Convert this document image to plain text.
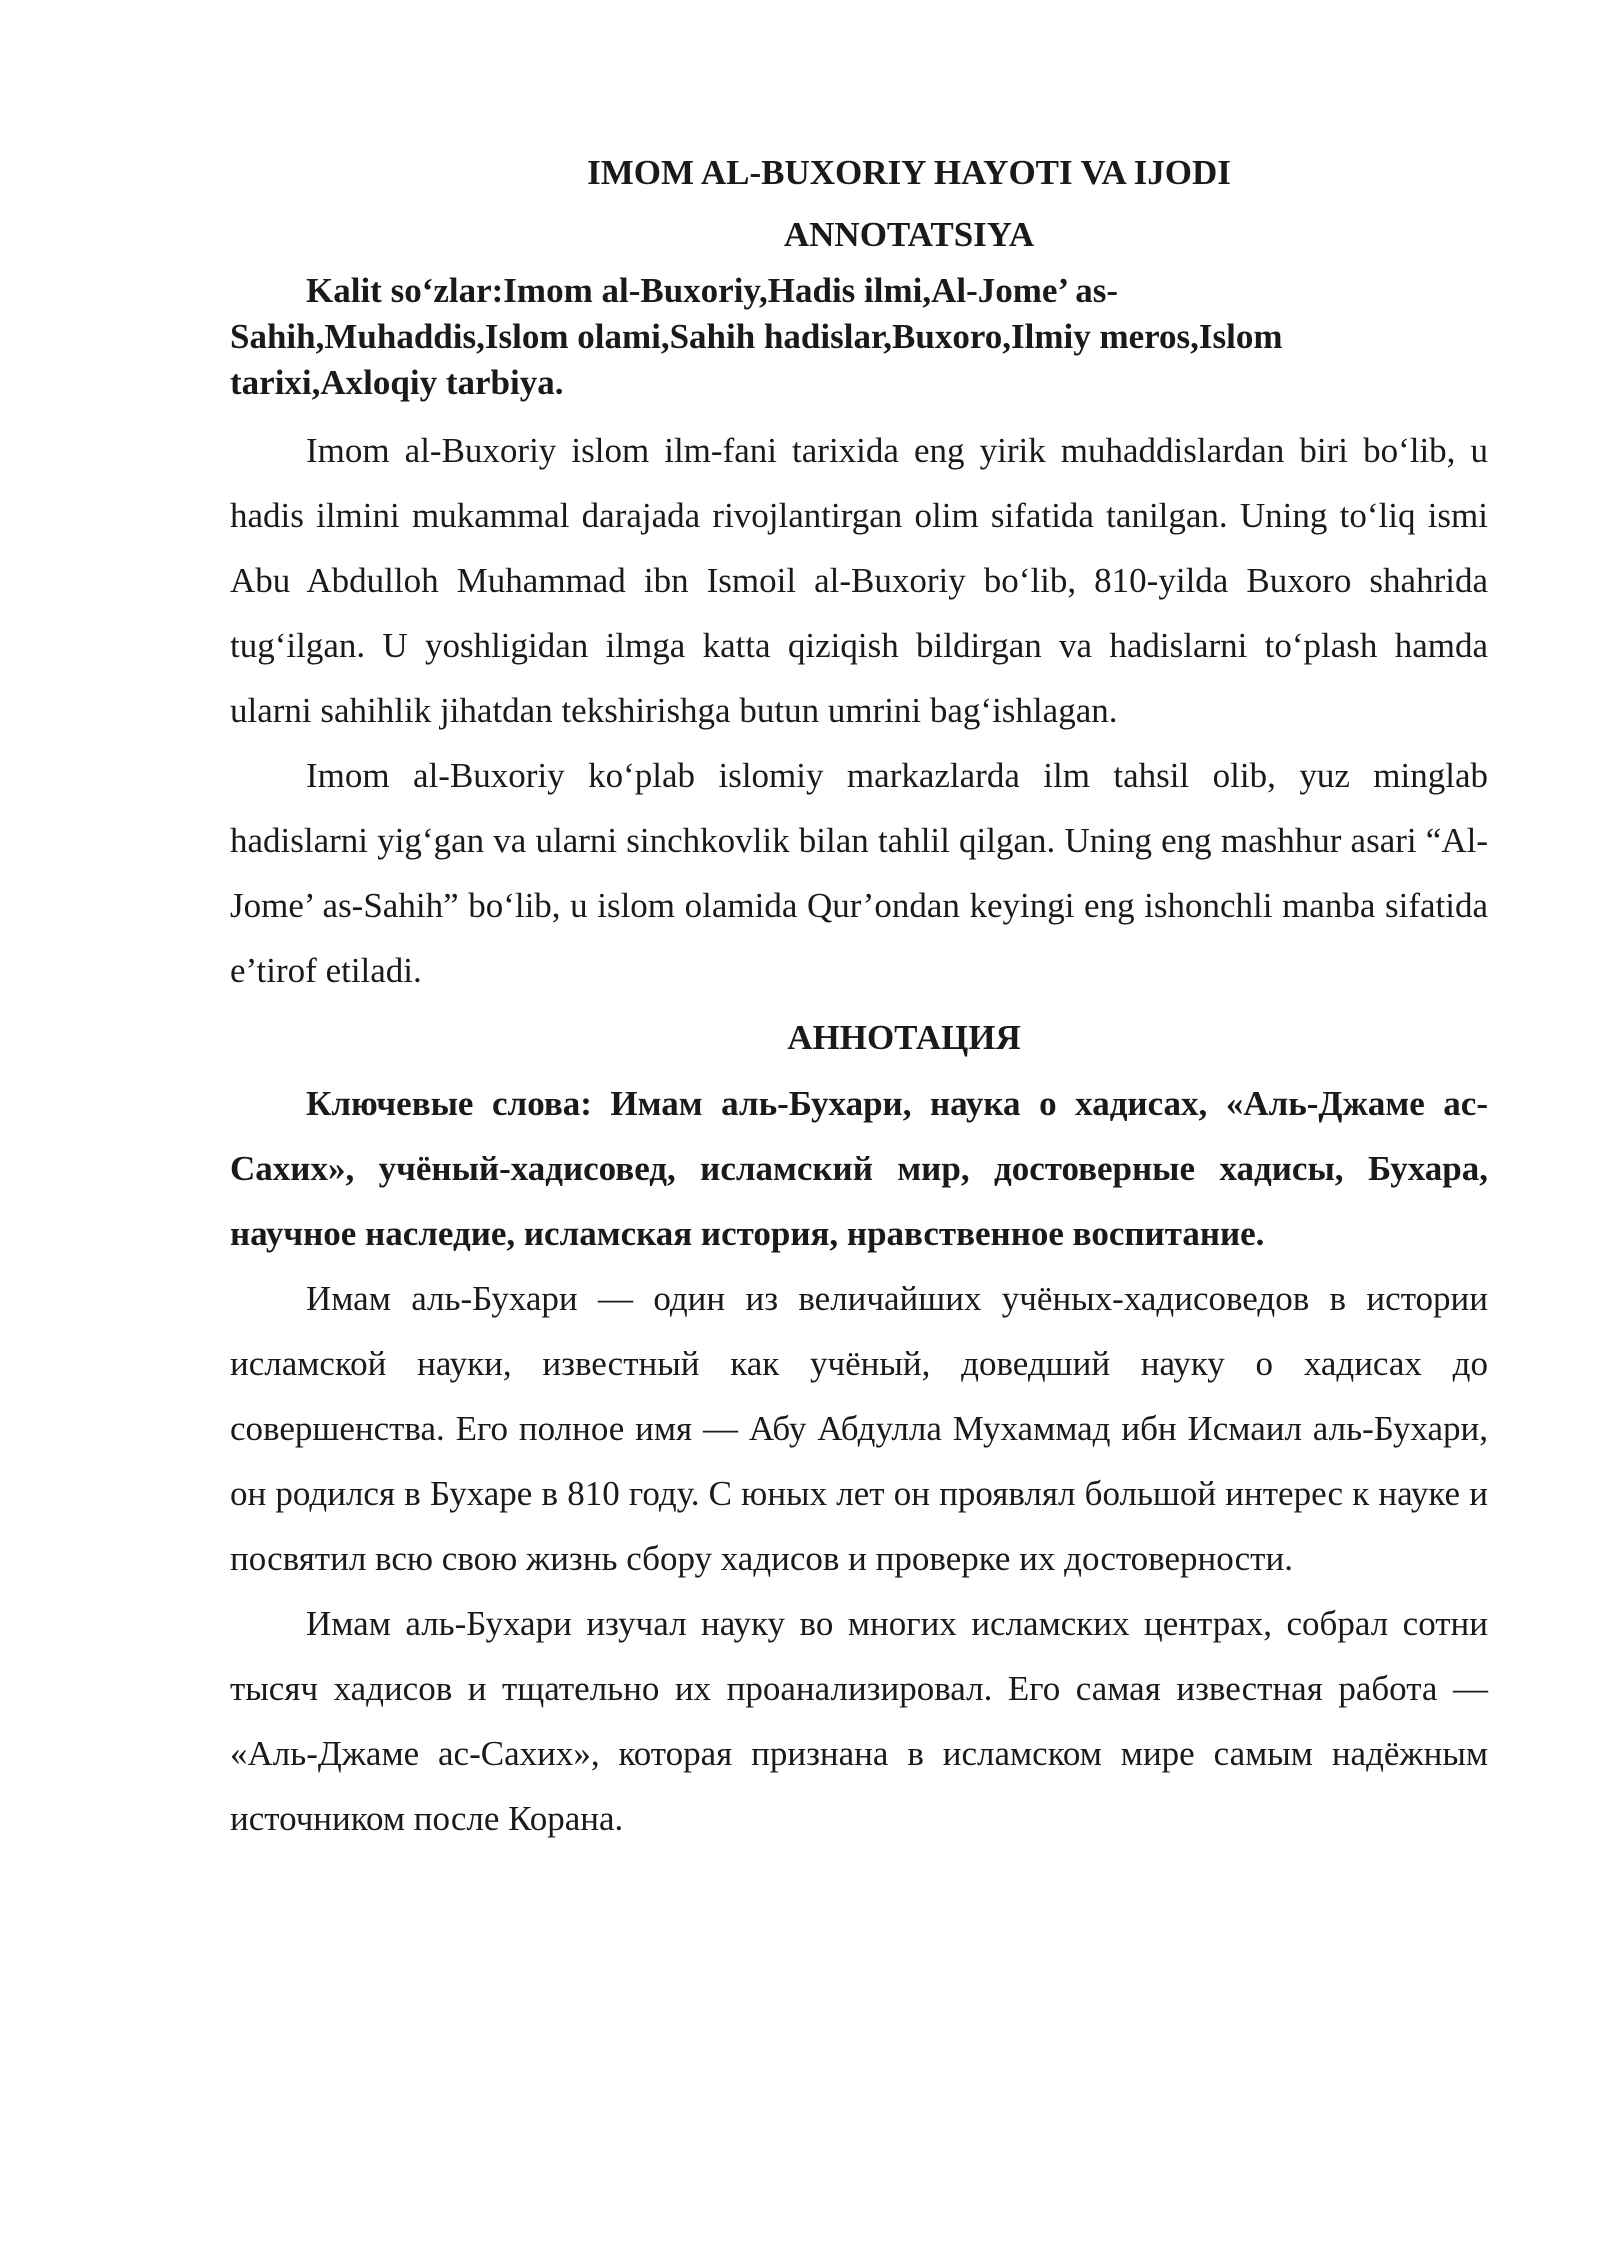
IMOM AL-BUXORIY HAYOTI VA IJODI
ANNOTATSIYA
Kalit so‘zlar:Imom al-Buxoriy,Hadis ilmi,Al-Jome’ as-Sahih,Muhaddis,Islom olami,Sahih hadislar,Buxoro,Ilmiy meros,Islom tarixi,Axloqiy tarbiya.

Imom al-Buxoriy islom ilm-fani tarixida eng yirik muhaddislardan biri bo‘lib, u hadis ilmini mukammal darajada rivojlantirgan olim sifatida tanilgan. Uning to‘liq ismi Abu Abdulloh Muhammad ibn Ismoil al-Buxoriy bo‘lib, 810-yilda Buxoro shahrida tug‘ilgan. U yoshligidan ilmga katta qiziqish bildirgan va hadislarni to‘plash hamda ularni sahihlik jihatdan tekshirishga butun umrini bag‘ishlagan.

Imom al-Buxoriy ko‘plab islomiy markazlarda ilm tahsil olib, yuz minglab hadislarni yig‘gan va ularni sinchkovlik bilan tahlil qilgan. Uning eng mashhur asari “Al-Jome’ as-Sahih” bo‘lib, u islom olamida Qur’ondan keyingi eng ishonchli manba sifatida e’tirof etiladi.

АННОТАЦИЯ

Ключевые слова: Имам аль-Бухари, наука о хадисах, «Аль-Джаме ас-Сахих», учёный-хадисовед, исламский мир, достоверные хадисы, Бухара, научное наследие, исламская история, нравственное воспитание.

Имам аль-Бухари — один из величайших учёных-хадисоведов в истории исламской науки, известный как учёный, доведший науку о хадисах до совершенства. Его полное имя — Абу Абдулла Мухаммад ибн Исмаил аль-Бухари, он родился в Бухаре в 810 году. С юных лет он проявлял большой интерес к науке и посвятил всю свою жизнь сбору хадисов и проверке их достоверности.

Имам аль-Бухари изучал науку во многих исламских центрах, собрал сотни тысяч хадисов и тщательно их проанализировал. Его самая известная работа — «Аль-Джаме ас-Сахих», которая признана в исламском мире самым надёжным источником после Корана.
